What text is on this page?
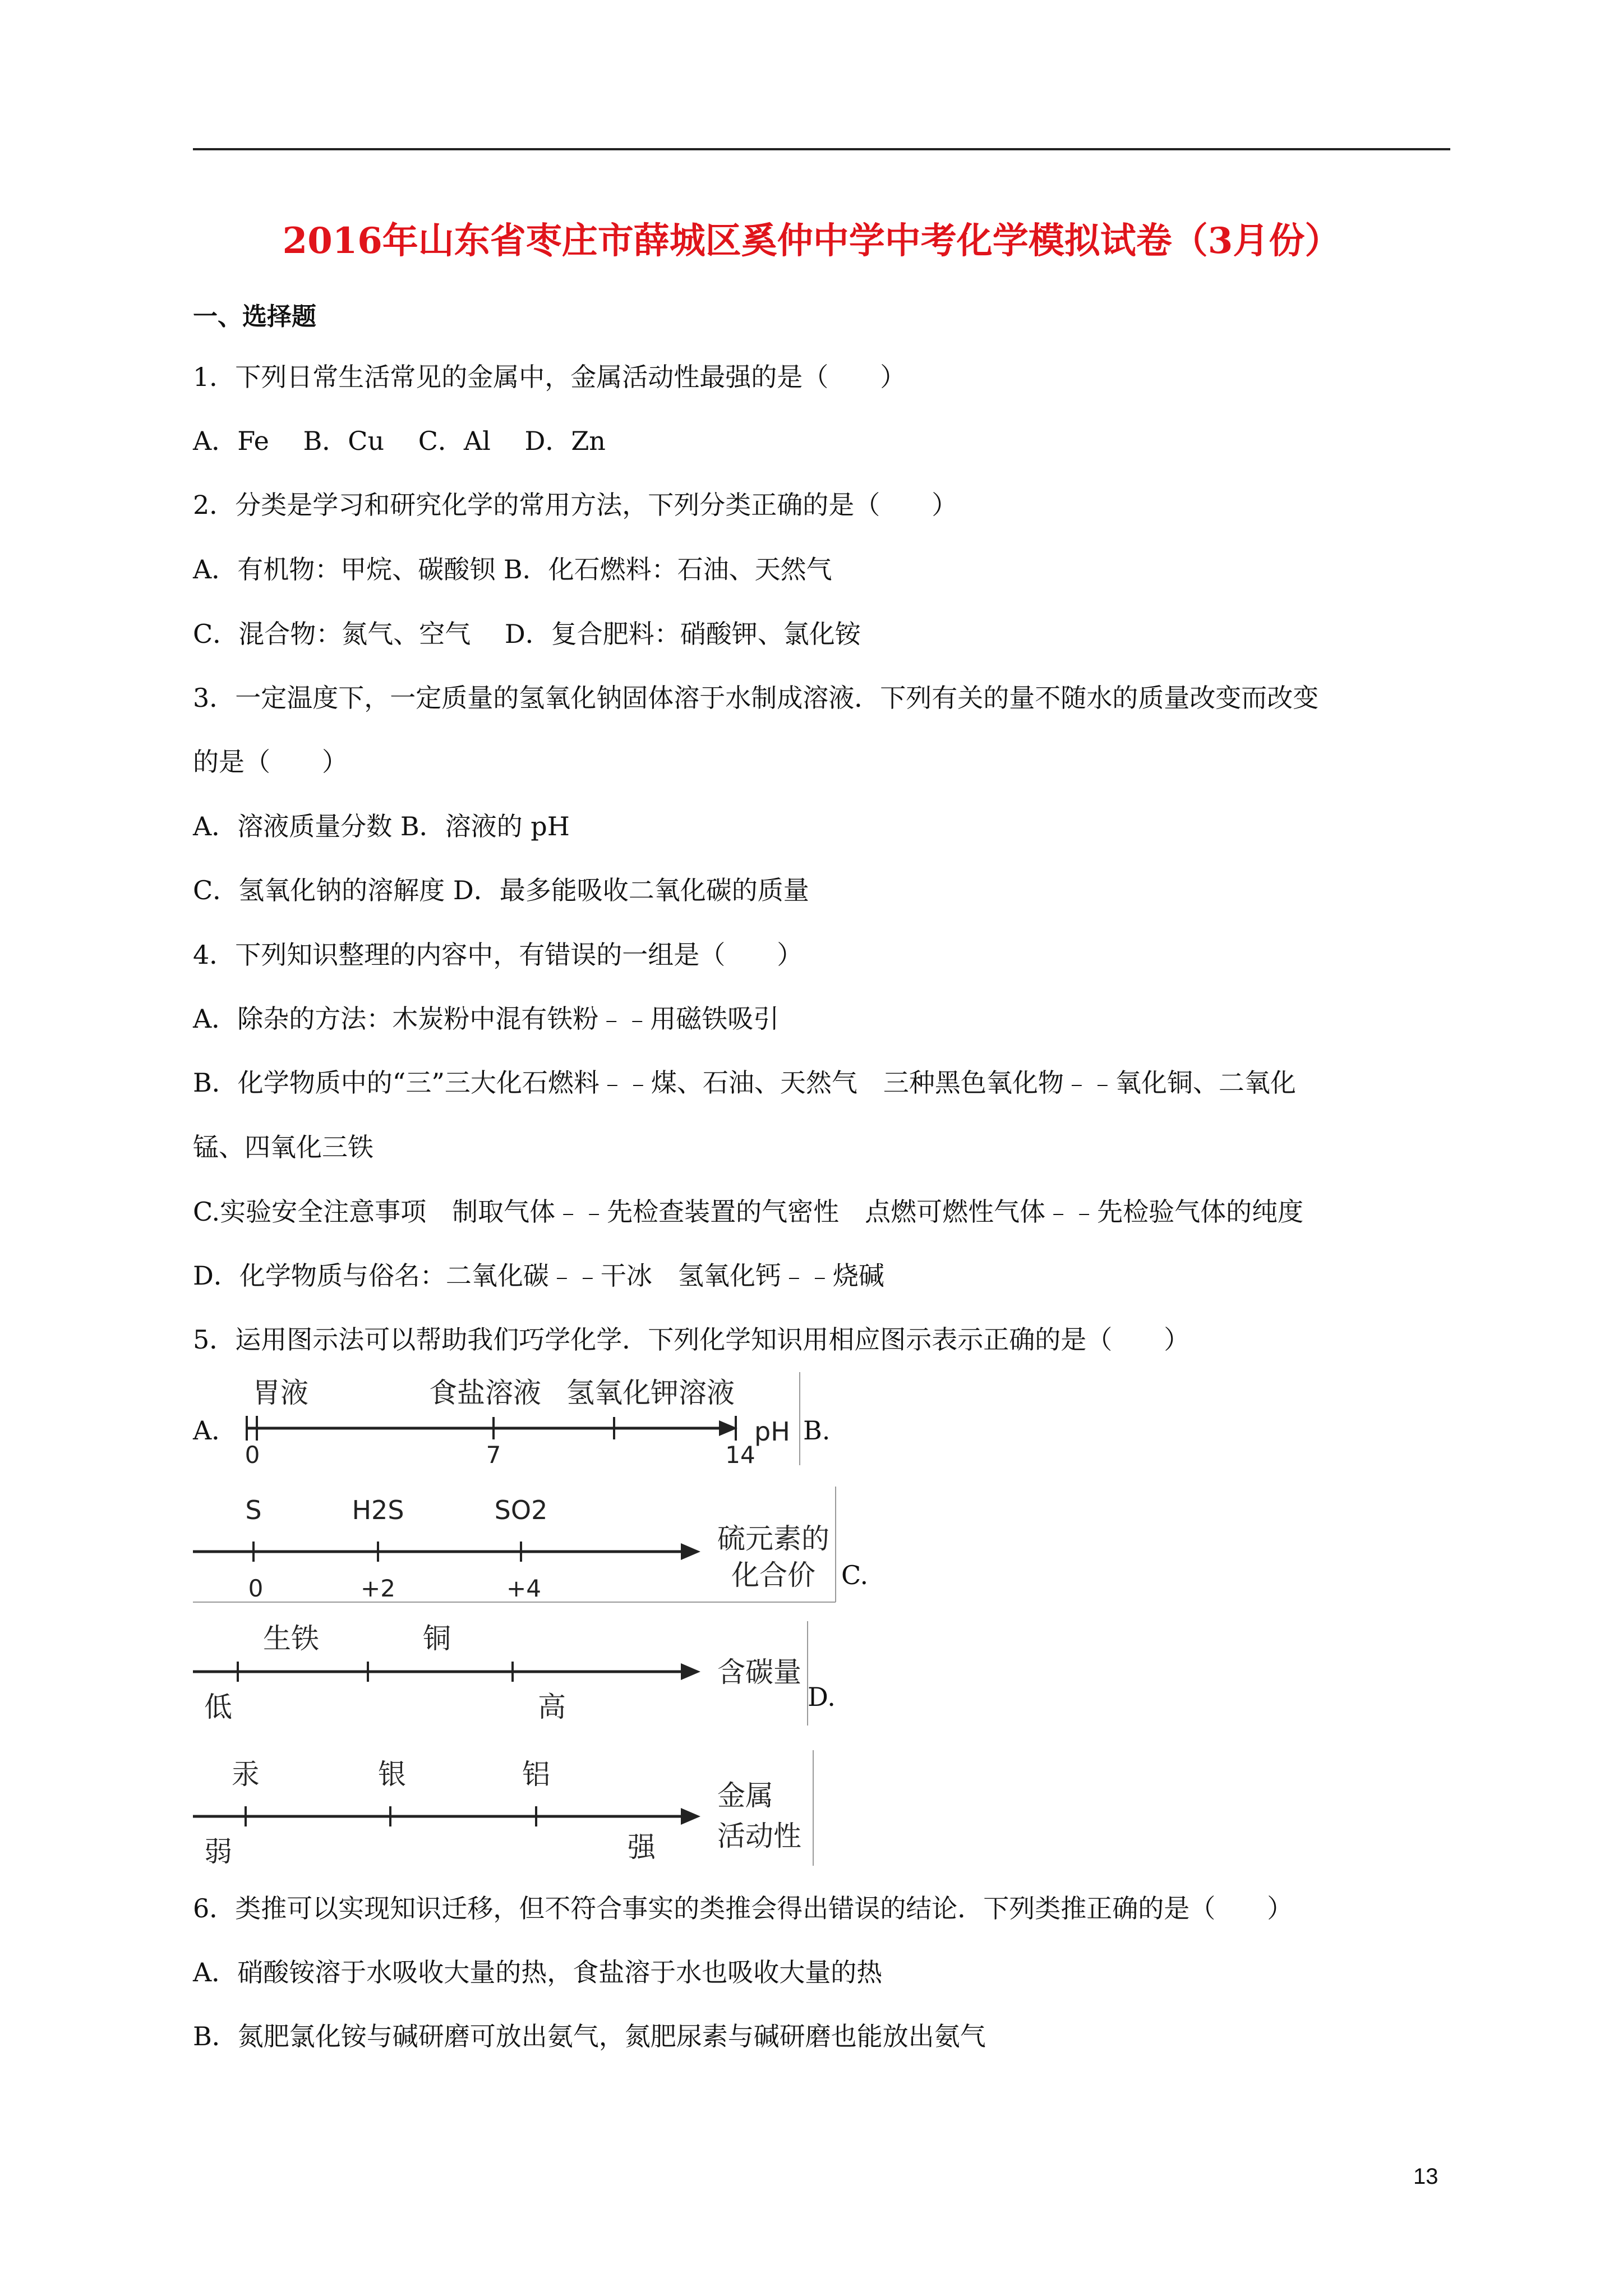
2016年山东省枣庄市薛城区奚仲中学中考化学模拟试卷（3月份）
一、选择题
1．下列日常生活常见的金属中，金属活动性最强的是（　　）
A．Fe　 B．Cu　 C．Al　 D．Zn
2．分类是学习和研究化学的常用方法，下列分类正确的是（　　）
A．有机物：甲烷、碳酸钡 B．化石燃料：石油、天然气
C．混合物：氮气、空气　 D．复合肥料：硝酸钾、氯化铵
3．一定温度下，一定质量的氢氧化钠固体溶于水制成溶液．下列有关的量不随水的质量改变而改变
的是（　　）
A．溶液质量分数 B．溶液的 pH
C．氢氧化钠的溶解度 D．最多能吸收二氧化碳的质量
4．下列知识整理的内容中，有错误的一组是（　　）
A．除杂的方法：木炭粉中混有铁粉﹣﹣用磁铁吸引
B．化学物质中的“三”三大化石燃料﹣﹣煤、石油、天然气　三种黑色氧化物﹣﹣氧化铜、二氧化
锰、四氧化三铁
C.实验安全注意事项　制取气体﹣﹣先检查装置的气密性　点燃可燃性气体﹣﹣先检验气体的纯度
D．化学物质与俗名：二氧化碳﹣﹣干冰　氢氧化钙﹣﹣烧碱
5．运用图示法可以帮助我们巧学化学．下列化学知识用相应图示表示正确的是（　　）
A．
胃液	食盐溶液 氢氧化钾溶液
0	7	14
pH B.
S	H2S	SO2
0	+2	+4
硫元素的
化合价 C.
生铁	铜
低	高
含碳量
D.
汞	银	铝
弱	强
金属
活动性
6．类推可以实现知识迁移，但不符合事实的类推会得出错误的结论．下列类推正确的是（　　）
A．硝酸铵溶于水吸收大量的热，食盐溶于水也吸收大量的热
B．氮肥氯化铵与碱研磨可放出氨气，氮肥尿素与碱研磨也能放出氨气
13
